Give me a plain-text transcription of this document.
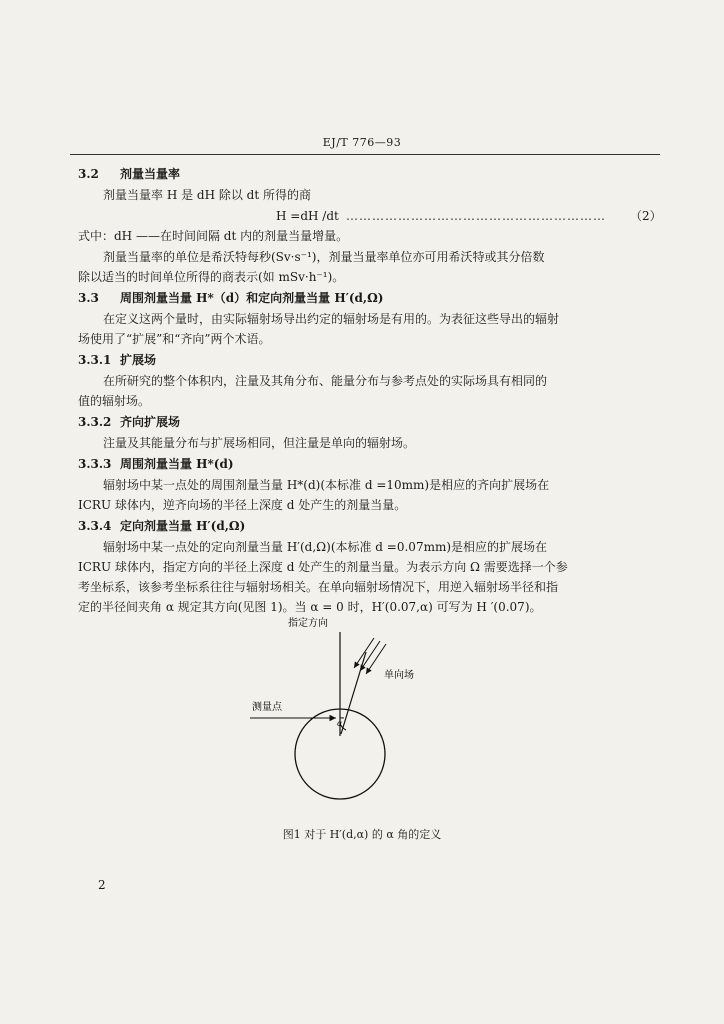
EJ/T 776—93
3.2 剂量当量率
剂量当量率 H 是 dH 除以 dt 所得的商
H =dH /dt …………………………………………………… （2）
式中：dH ——在时间间隔 dt 内的剂量当量增量。
剂量当量率的单位是希沃特每秒(Sv·s⁻¹)，剂量当量率单位亦可用希沃特或其分倍数
除以适当的时间单位所得的商表示(如 mSv·h⁻¹)。
3.3 周围剂量当量 H*（d）和定向剂量当量 H′(d,Ω)
在定义这两个量时，由实际辐射场导出约定的辐射场是有用的。为表征这些导出的辐射
场使用了“扩展”和“齐向”两个术语。
3.3.1 扩展场
在所研究的整个体积内，注量及其角分布、能量分布与参考点处的实际场具有相同的
值的辐射场。
3.3.2 齐向扩展场
注量及其能量分布与扩展场相同，但注量是单向的辐射场。
3.3.3 周围剂量当量 H*(d)
辐射场中某一点处的周围剂量当量 H*(d)(本标准 d =10mm)是相应的齐向扩展场在
ICRU 球体内，逆齐向场的半径上深度 d 处产生的剂量当量。
3.3.4 定向剂量当量 H′(d,Ω)
辐射场中某一点处的定向剂量当量 H′(d,Ω)(本标准 d =0.07mm)是相应的扩展场在
ICRU 球体内，指定方向的半径上深度 d 处产生的剂量当量。为表示方向 Ω 需要选择一个参
考坐标系，该参考坐标系往往与辐射场相关。在单向辐射场情况下，用逆入辐射场半径和指
定的半径间夹角 α 规定其方向(见图 1)。当 α = 0 时，H′(0.07,α) 可写为 H ′(0.07)。
指定方向
单向场
测量点
α
图1 对于 H′(d,α) 的 α 角的定义
2
